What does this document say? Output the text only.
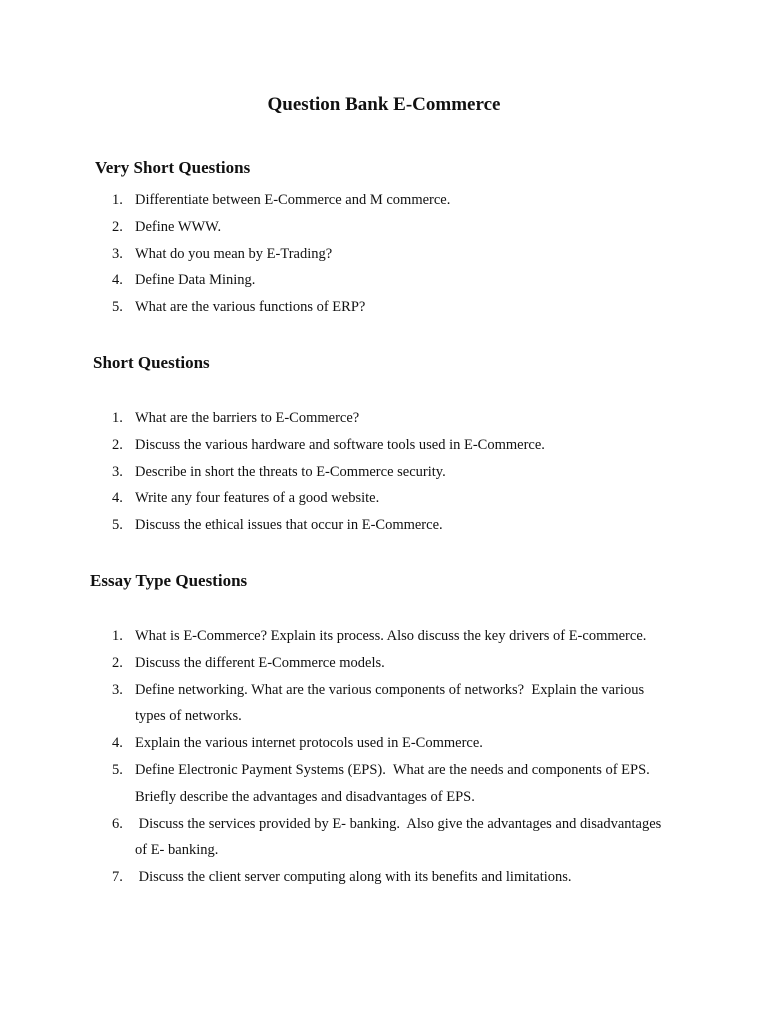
Question Bank E-Commerce
Very Short Questions
1. Differentiate between E-Commerce and M commerce.
2. Define WWW.
3. What do you mean by E-Trading?
4. Define Data Mining.
5. What are the various functions of ERP?
Short Questions
1. What are the barriers to E-Commerce?
2. Discuss the various hardware and software tools used in E-Commerce.
3. Describe in short the threats to E-Commerce security.
4. Write any four features of a good website.
5. Discuss the ethical issues that occur in E-Commerce.
Essay Type Questions
1. What is E-Commerce? Explain its process. Also discuss the key drivers of E-commerce.
2. Discuss the different E-Commerce models.
3. Define networking. What are the various components of networks?  Explain the various types of networks.
4. Explain the various internet protocols used in E-Commerce.
5. Define Electronic Payment Systems (EPS).  What are the needs and components of EPS. Briefly describe the advantages and disadvantages of EPS.
6. Discuss the services provided by E- banking.  Also give the advantages and disadvantages of E- banking.
7. Discuss the client server computing along with its benefits and limitations.
